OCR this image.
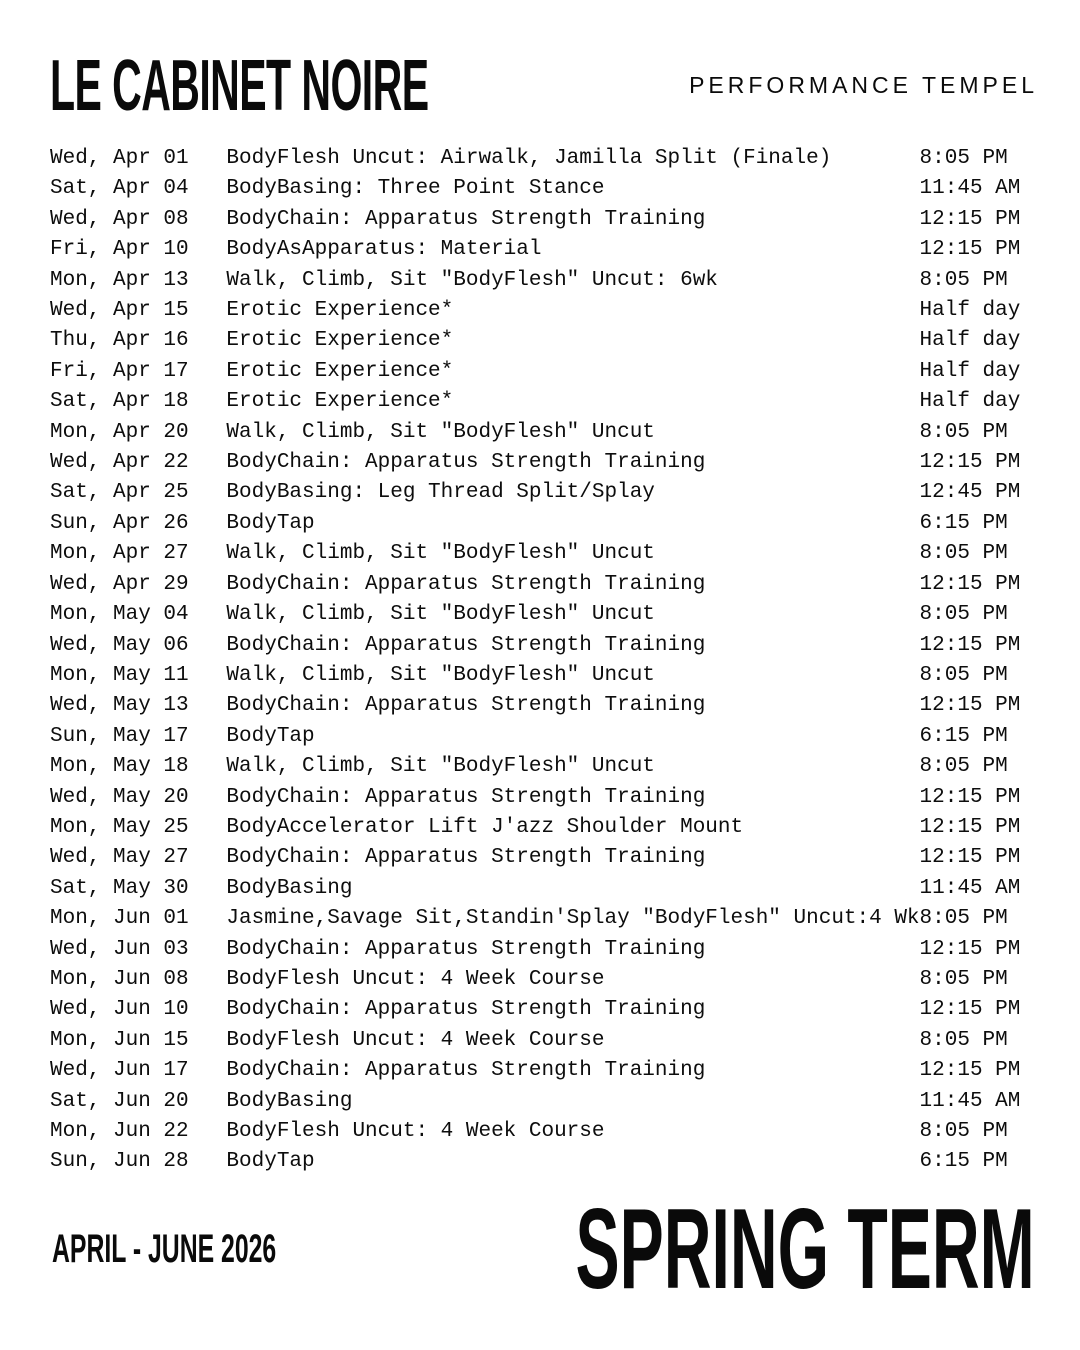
LE CABINET NOIRE	PERFORMANCE TEMPEL
Wed, Apr 01	BodyFlesh Uncut: Airwalk, Jamilla Split (Finale)	8:05 PM
Sat, Apr 04	BodyBasing: Three Point Stance	11:45 AM
Wed, Apr 08	BodyChain: Apparatus Strength Training	12:15 PM
Fri, Apr 10	BodyAsApparatus: Material	12:15 PM
Mon, Apr 13	Walk, Climb, Sit "BodyFlesh" Uncut: 6wk	8:05 PM
Wed, Apr 15	Erotic Experience*	Half day
Thu, Apr 16	Erotic Experience*	Half day
Fri, Apr 17	Erotic Experience*	Half day
Sat, Apr 18	Erotic Experience*	Half day
Mon, Apr 20	Walk, Climb, Sit "BodyFlesh" Uncut	8:05 PM
Wed, Apr 22	BodyChain: Apparatus Strength Training	12:15 PM
Sat, Apr 25	BodyBasing: Leg Thread Split/Splay	12:45 PM
Sun, Apr 26	BodyTap	6:15 PM
Mon, Apr 27	Walk, Climb, Sit "BodyFlesh" Uncut	8:05 PM
Wed, Apr 29	BodyChain: Apparatus Strength Training	12:15 PM
Mon, May 04	Walk, Climb, Sit "BodyFlesh" Uncut	8:05 PM
Wed, May 06	BodyChain: Apparatus Strength Training	12:15 PM
Mon, May 11	Walk, Climb, Sit "BodyFlesh" Uncut	8:05 PM
Wed, May 13	BodyChain: Apparatus Strength Training	12:15 PM
Sun, May 17	BodyTap	6:15 PM
Mon, May 18	Walk, Climb, Sit "BodyFlesh" Uncut	8:05 PM
Wed, May 20	BodyChain: Apparatus Strength Training	12:15 PM
Mon, May 25	BodyAccelerator Lift J'azz Shoulder Mount	12:15 PM
Wed, May 27	BodyChain: Apparatus Strength Training	12:15 PM
Sat, May 30	BodyBasing	11:45 AM
Mon, Jun 01	Jasmine,Savage Sit,Standin'Splay "BodyFlesh" Uncut:4 Wk 8:05 PM
Wed, Jun 03	BodyChain: Apparatus Strength Training	12:15 PM
Mon, Jun 08	BodyFlesh Uncut: 4 Week Course	8:05 PM
Wed, Jun 10	BodyChain: Apparatus Strength Training	12:15 PM
Mon, Jun 15	BodyFlesh Uncut: 4 Week Course	8:05 PM
Wed, Jun 17	BodyChain: Apparatus Strength Training	12:15 PM
Sat, Jun 20	BodyBasing	11:45 AM
Mon, Jun 22	BodyFlesh Uncut: 4 Week Course	8:05 PM
Sun, Jun 28	BodyTap	6:15 PM
APRIL - JUNE 2026	SPRING TERM
